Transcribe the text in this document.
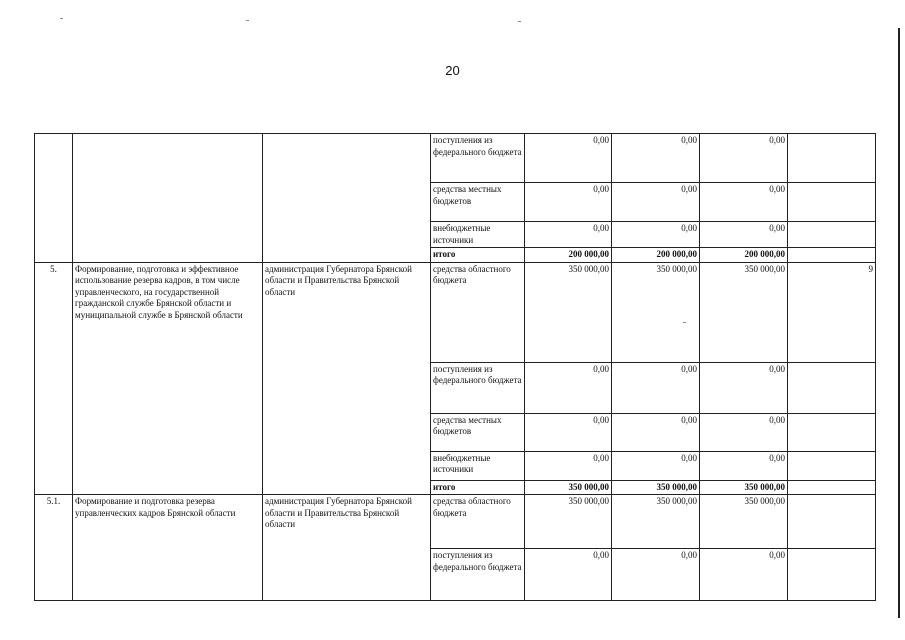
20
			поступления из федерального бюджета	0,00	0,00	0,00	
			средства местных бюджетов	0,00	0,00	0,00	
			внебюджетные источники	0,00	0,00	0,00	
			итого	200 000,00	200 000,00	200 000,00	
5.	Формирование, подготовка и эффективное использование резерва кадров, в том числе управленческого, на государственной гражданской службе Брянской области и муниципальной службе в Брянской области	администрация Губернатора Брянской области и Правительства Брянской области	средства областного бюджета	350 000,00	350 000,00	350 000,00	9
			поступления из федерального бюджета	0,00	0,00	0,00	
			средства местных бюджетов	0,00	0,00	0,00	
			внебюджетные источники	0,00	0,00	0,00	
			итого	350 000,00	350 000,00	350 000,00	
5.1.	Формирование и подготовка резерва управленческих кадров Брянской области	администрация Губернатора Брянской области и Правительства Брянской области	средства областного бюджета	350 000,00	350 000,00	350 000,00	
			поступления из федерального бюджета	0,00	0,00	0,00	
